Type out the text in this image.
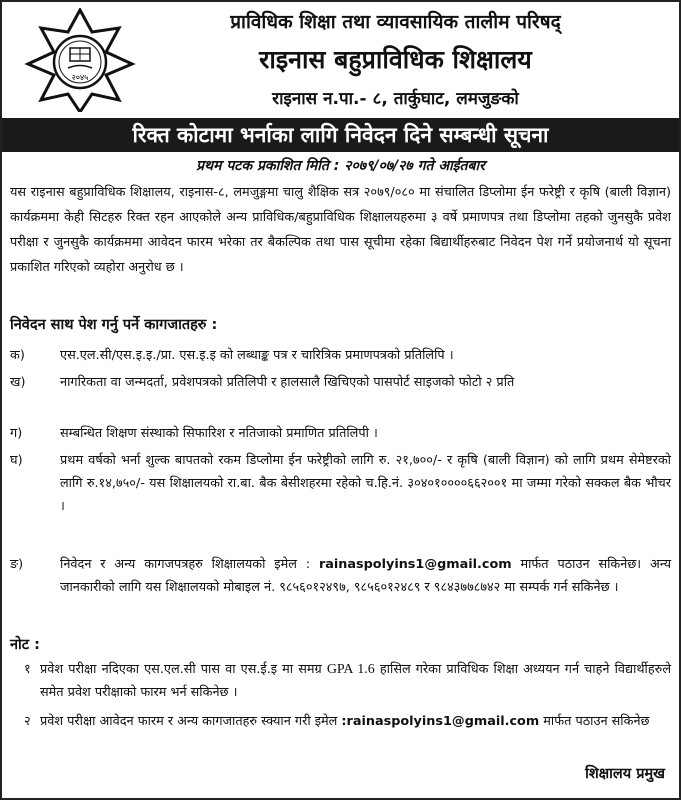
२०४५
प्राविधिक शिक्षा तथा व्यावसायिक तालीम परिषद्
राइनास बहुप्राविधिक शिक्षालय
राइनास न.पा.- ८, तार्कुघाट, लमजुङको
रिक्त कोटामा भर्नाका लागि निवेदन दिने सम्बन्धी सूचना
प्रथम पटक प्रकाशित मिति : २०७९/०७/२७ गते आईतबार
यस राइनास बहुप्राविधिक शिक्षालय, राइनास-८, लमजुङ्गमा चालु शैक्षिक सत्र २०७९/०८० मा संचालित डिप्लोमा ईन फरेष्ट्री र कृषि (बाली विज्ञान) कार्यक्रममा केही सिटहरु रिक्त रहन आएकोले अन्य प्राविधिक/बहुप्राविधिक शिक्षालयहरुमा ३ वर्षे प्रमाणपत्र तथा डिप्लोमा तहको जुनसुकै प्रवेश परीक्षा र जुनसुकै कार्यक्रममा आवेदन फारम भरेका तर बैकल्पिक तथा पास सूचीमा रहेका बिद्यार्थीहरुबाट निवेदन पेश गर्ने प्रयोजनार्थ यो सूचना प्रकाशित गरिएको व्यहोरा अनुरोध छ ।
निवेदन साथ पेश गर्नु पर्ने कागजातहरु :
क)	एस.एल.सी/एस.इ.इ./प्रा. एस.इ.इ को लब्धाङ्क पत्र र चारित्रिक प्रमाणपत्रको प्रतिलिपि ।
ख)	नागरिकता वा जन्मदर्ता, प्रवेशपत्रको प्रतिलिपी र हालसालै खिचिएको पासपोर्ट साइजको फोटो २ प्रति
ग)	सम्बन्धित शिक्षण संस्थाको सिफारिश र नतिजाको प्रमाणित प्रतिलिपी ।
घ)	प्रथम वर्षको भर्ना शुल्क बापतको रकम डिप्लोमा ईन फरेष्ट्रीको लागि रु. २१,७००/- र कृषि (बाली विज्ञान) को लागि प्रथम सेमेष्टरको लागि रु.१४,७५०/- यस शिक्षालयको रा.बा. बैक बेसीशहरमा रहेको च.हि.नं. ३०४०१००००६६२००१ मा जम्मा गरेको सक्कल बैक भौचर ।
ङ)	निवेदन र अन्य कागजपत्रहरु शिक्षालयको इमेल : rainaspolyins1@gmail.com मार्फत पठाउन सकिनेछ। अन्य जानकारीको लागि यस शिक्षालयको मोबाइल नं. ९८५६०१२४९७, ९८५६०१२४८९ र ९८४३७७८७४२ मा सम्पर्क गर्न सकिनेछ ।
नोट :
१ प्रवेश परीक्षा नदिएका एस.एल.सी पास वा एस.ई.इ मा समग्र GPA 1.6 हासिल गरेका प्राविधिक शिक्षा अध्ययन गर्न चाहने विद्यार्थीहरुले समेत प्रवेश परीक्षाको फारम भर्न सकिनेछ ।
२ प्रवेश परीक्षा आवेदन फारम र अन्य कागजातहरु स्क्यान गरी इमेल :rainaspolyins1@gmail.com मार्फत पठाउन सकिनेछ
शिक्षालय प्रमुख
